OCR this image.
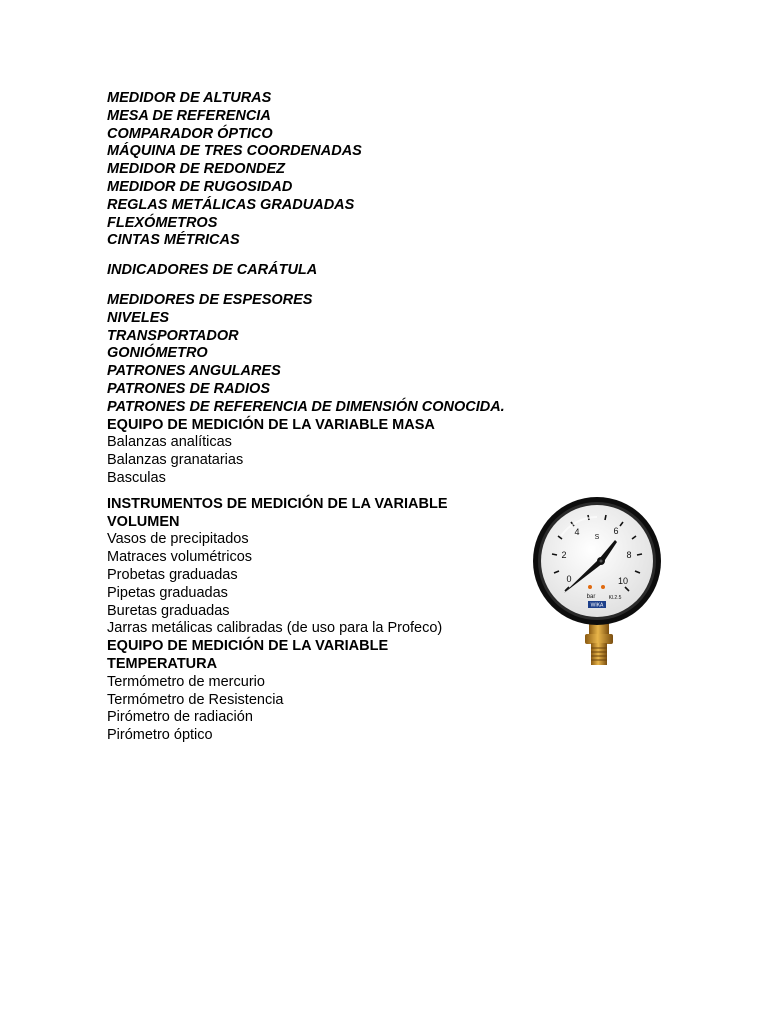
MEDIDOR DE ALTURAS
MESA DE REFERENCIA
COMPARADOR ÓPTICO
MÁQUINA DE TRES COORDENADAS
MEDIDOR DE REDONDEZ
MEDIDOR DE RUGOSIDAD
REGLAS METÁLICAS GRADUADAS
FLEXÓMETROS
CINTAS MÉTRICAS
INDICADORES DE CARÁTULA
MEDIDORES DE ESPESORES
NIVELES
TRANSPORTADOR
GONIÓMETRO
PATRONES ANGULARES
PATRONES DE RADIOS
PATRONES DE REFERENCIA DE DIMENSIÓN CONOCIDA.
EQUIPO DE MEDICIÓN DE LA VARIABLE MASA
Balanzas analíticas
Balanzas granatarias
Basculas
INSTRUMENTOS DE MEDICIÓN DE LA VARIABLE
VOLUMEN
Vasos de precipitados
Matraces volumétricos
Probetas graduadas
Pipetas graduadas
Buretas graduadas
Jarras metálicas calibradas (de uso para la Profeco)
EQUIPO DE MEDICIÓN DE LA VARIABLE
TEMPERATURA
Termómetro de mercurio
Termómetro de Resistencia
Pirómetro de radiación
Pirómetro óptico
0
2
4	6
8
10
S
bar	Kl.2.5
WIKA
